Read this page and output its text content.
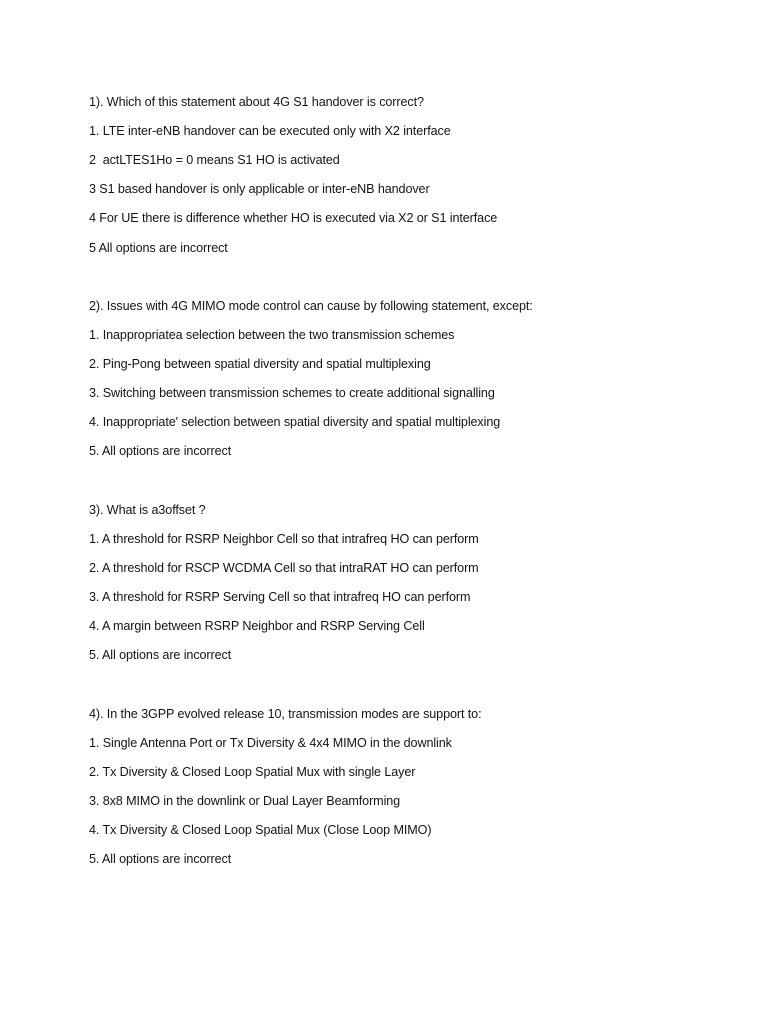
1). Which of this statement about 4G S1 handover is correct?
1. LTE inter-eNB handover can be executed only with X2 interface
2  actLTES1Ho = 0 means S1 HO is activated
3 S1 based handover is only applicable or inter-eNB handover
4 For UE there is difference whether HO is executed via X2 or S1 interface
5 All options are incorrect
2). Issues with 4G MIMO mode control can cause by following statement, except:
1. Inappropriatea selection between the two transmission schemes
2. Ping-Pong between spatial diversity and spatial multiplexing
3. Switching between transmission schemes to create additional signalling
4. Inappropriate' selection between spatial diversity and spatial multiplexing
5. All options are incorrect
3). What is a3offset ?
1. A threshold for RSRP Neighbor Cell so that intrafreq HO can perform
2. A threshold for RSCP WCDMA Cell so that intraRAT HO can perform
3. A threshold for RSRP Serving Cell so that intrafreq HO can perform
4. A margin between RSRP Neighbor and RSRP Serving Cell
5. All options are incorrect
4). In the 3GPP evolved release 10, transmission modes are support to:
1. Single Antenna Port or Tx Diversity & 4x4 MIMO in the downlink
2. Tx Diversity & Closed Loop Spatial Mux with single Layer
3. 8x8 MIMO in the downlink or Dual Layer Beamforming
4. Tx Diversity & Closed Loop Spatial Mux (Close Loop MIMO)
5. All options are incorrect
